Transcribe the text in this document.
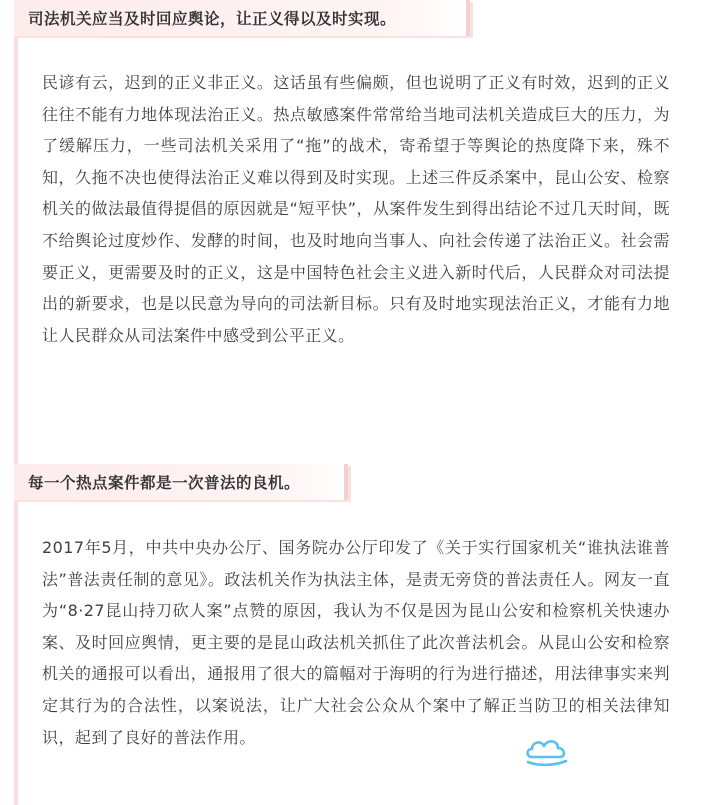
司法机关应当及时回应舆论，让正义得以及时实现。

民谚有云，迟到的正义非正义。这话虽有些偏颇，但也说明了正义有时效，迟到的正义往往不能有力地体现法治正义。热点敏感案件常常给当地司法机关造成巨大的压力，为了缓解压力，一些司法机关采用了“拖”的战术，寄希望于等舆论的热度降下来，殊不知，久拖不决也使得法治正义难以得到及时实现。上述三件反杀案中，昆山公安、检察机关的做法最值得提倡的原因就是“短平快”，从案件发生到得出结论不过几天时间，既不给舆论过度炒作、发酵的时间，也及时地向当事人、向社会传递了法治正义。社会需要正义，更需要及时的正义，这是中国特色社会主义进入新时代后，人民群众对司法提出的新要求，也是以民意为导向的司法新目标。只有及时地实现法治正义，才能有力地让人民群众从司法案件中感受到公平正义。

每一个热点案件都是一次普法的良机。

2017年5月，中共中央办公厅、国务院办公厅印发了《关于实行国家机关“谁执法谁普法”普法责任制的意见》。政法机关作为执法主体，是责无旁贷的普法责任人。网友一直为“8·27昆山持刀砍人案”点赞的原因，我认为不仅是因为昆山公安和检察机关快速办案、及时回应舆情，更主要的是昆山政法机关抓住了此次普法机会。从昆山公安和检察机关的通报可以看出，通报用了很大的篇幅对于海明的行为进行描述，用法律事实来判定其行为的合法性，以案说法，让广大社会公众从个案中了解正当防卫的相关法律知识，起到了良好的普法作用。
